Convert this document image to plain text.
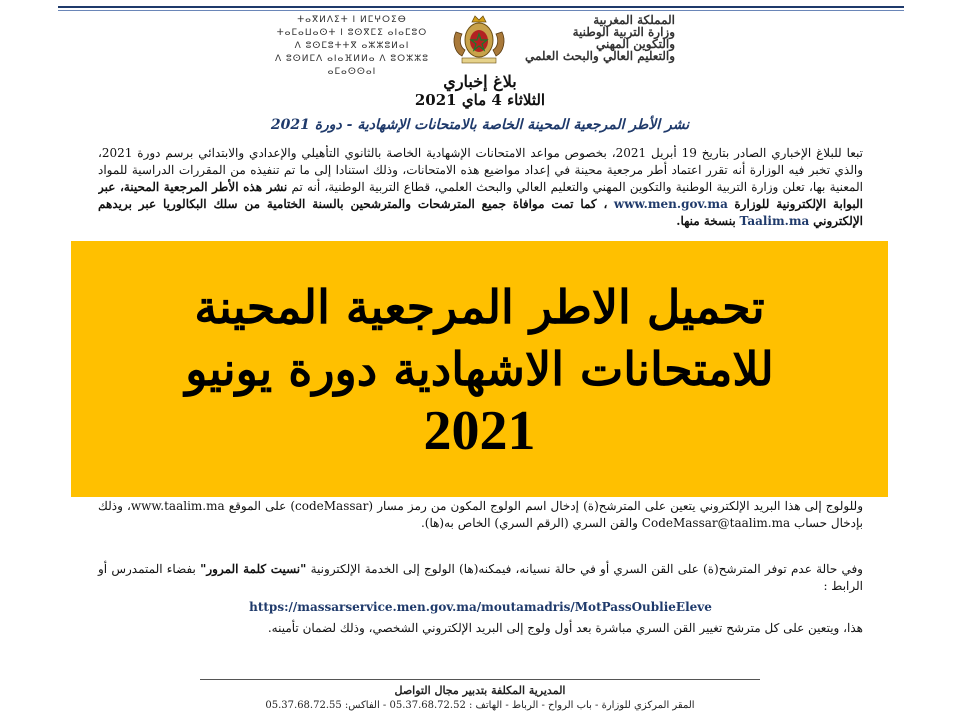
ⵜⴰⴳⵍⴷⵉⵜ ⵏ ⵍⵎⵖⵔⵉⴱ
ⵜⴰⵎⴰⵡⴰⵙⵜ ⵏ ⵓⵙⴳⵎⵉ ⴰⵏⴰⵎⵓⵔ
ⴷ ⵓⵙⵎⵓⵜⵜⴳ ⴰⵣⵣⵓⵍⴰⵏ
ⴷ ⵓⵙⵍⵎⴷ ⴰⵏⴰⴼⵍⵍⴰ ⴷ ⵓⵔⵣⵣⵓ ⴰⵎⴰⵙⵙⴰⵏ
المملكة المغربية
وزارة التربية الوطنية
والتكوين المهني
والتعليم العالي والبحث العلمي
بلاغ إخباري
الثلاثاء 4 ماي 2021
نشر الأطر المرجعية المحينة الخاصة بالامتحانات الإشهادية - دورة 2021
تبعا للبلاغ الإخباري الصادر بتاريخ 19 أبريل 2021، بخصوص مواعد الامتحانات الإشهادية الخاصة بالثانوي التأهيلي والإعدادي والابتدائي برسم دورة 2021، والذي تخبر فيه الوزارة أنه تقرر اعتماد أطر مرجعية محينة في إعداد مواضيع هذه الامتحانات، وذلك استنادا إلى ما تم تنفيذه من المقررات الدراسية للمواد المعنية بها، تعلن وزارة التربية الوطنية والتكوين المهني والتعليم العالي والبحث العلمي، قطاع التربية الوطنية، أنه تم نشر هذه الأطر المرجعية المحينة، عبر البوابة الإلكترونية للوزارة www.men.gov.ma ، كما تمت موافاة جميع المترشحات والمترشحين بالسنة الختامية من سلك البكالوريا عبر بريدهم الإلكتروني Taalim.ma بنسخة منها.
تحميل الاطر المرجعية المحينة
للامتحانات الاشهادية دورة يونيو
2021
وللولوج إلى هذا البريد الإلكتروني يتعين على المترشح(ة) إدخال اسم الولوج المكون من رمز مسار (codeMassar) على الموقع www.taalim.ma، وذلك بإدخال حساب CodeMassar@taalim.ma والقن السري (الرقم السري) الخاص به(ها).
وفي حالة عدم توفر المترشح(ة) على القن السري أو في حالة نسيانه، فيمكنه(ها) الولوج إلى الخدمة الإلكترونية "نسيت كلمة المرور" بفضاء المتمدرس أو الرابط :
https://massarservice.men.gov.ma/moutamadris/MotPassOublieEleve
هذا، ويتعين على كل مترشح تغيير القن السري مباشرة بعد أول ولوج إلى البريد الإلكتروني الشخصي، وذلك لضمان تأمينه.
المديرية المكلفة بتدبير مجال التواصل
المقر المركزي للوزارة - باب الرواح - الرباط - الهاتف : 05.37.68.72.52 - الفاكس: 05.37.68.72.55
